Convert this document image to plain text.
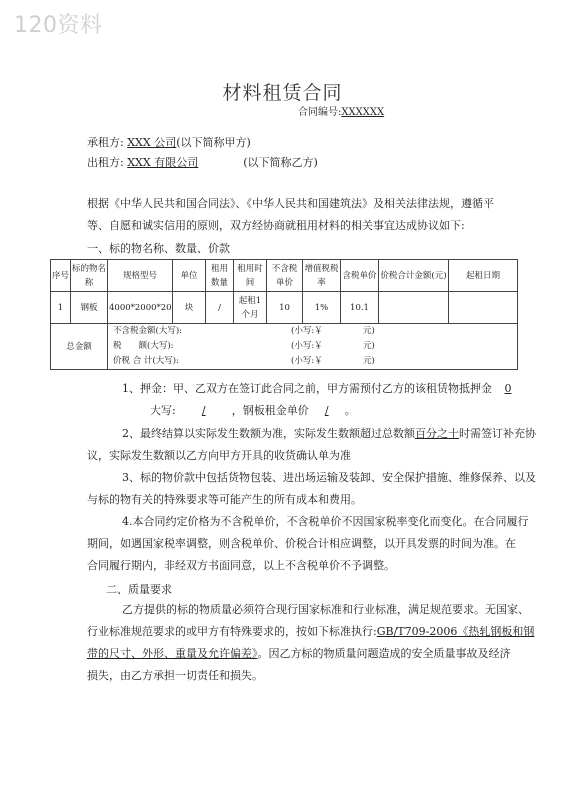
120资料
材料租赁合同
合同编号:XXXXXX
承租方: XXX 公司(以下简称甲方)
出租方: XXX 有限公司	(以下简称乙方)
根据《中华人民共和国合同法》、《中华人民共和国建筑法》及相关法律法规，遵循平
等、自愿和诚实信用的原则，双方经协商就租用材料的相关事宜达成协议如下:
一、标的物名称、数量、价款
序号	标的物名称	规格型号	单位	租用数量	租用时间	不含税单价	增值税税率	含税单价	价税合计金额(元)	起租日期
1	钢板	4000*2000*20	块	/	起租1个月	10	1%	10.1		
总金额		不含税金额(大写): (小写:￥ 元)
税　　额(大写): (小写:￥ 元)
价税 合 计(大写): (小写:￥ 元)								
1、押金：甲、乙双方在签订此合同之前，甲方需预付乙方的该租赁物抵押金 0
大写: / ，钢板租金单价 / 。
2、最终结算以实际发生数额为准，实际发生数额超过总数额百分之十时需签订补充协
议，实际发生数额以乙方向甲方开具的收货确认单为准
3、标的物价款中包括货物包装、进出场运输及装卸、安全保护措施、维修保养、以及
与标的物有关的特殊要求等可能产生的所有成本和费用。
4.本合同约定价格为不含税单价，不含税单价不因国家税率变化而变化。在合同履行
期间，如遇国家税率调整，则含税单价、价税合计相应调整，以开具发票的时间为准。在
合同履行期内，非经双方书面同意，以上不含税单价不予调整。
二、质量要求
乙方提供的标的物质量必须符合现行国家标准和行业标准，满足规范要求。无国家、
行业标准规范要求的或甲方有特殊要求的，按如下标准执行:GB/T709-2006《热轧钢板和钢
带的尺寸、外形、重量及允许偏差》。因乙方标的物质量问题造成的安全质量事故及经济
损失，由乙方承担一切责任和损失。
